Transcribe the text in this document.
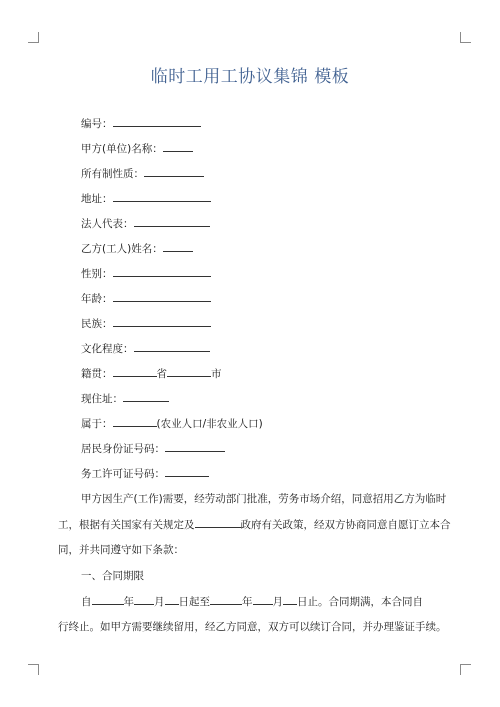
临时工用工协议集锦 模板
编号：
甲方(单位)名称：
所有制性质：
地址：
法人代表：
乙方(工人)姓名：
性别：
年龄：
民族：
文化程度：
籍贯：	省	市
现住址：
属于：	(农业人口/非农业人口)
居民身份证号码：
务工许可证号码：
甲方因生产(工作)需要，经劳动部门批准，劳务市场介绍，同意招用乙方为临时
工，根据有关国家有关规定及	政府有关政策，经双方协商同意自愿订立本合
同，并共同遵守如下条款：
一、合同期限
自	年 月 日起至	年 月 日止。合同期满，本合同自
行终止。如甲方需要继续留用，经乙方同意，双方可以续订合同，并办理鉴证手续。
